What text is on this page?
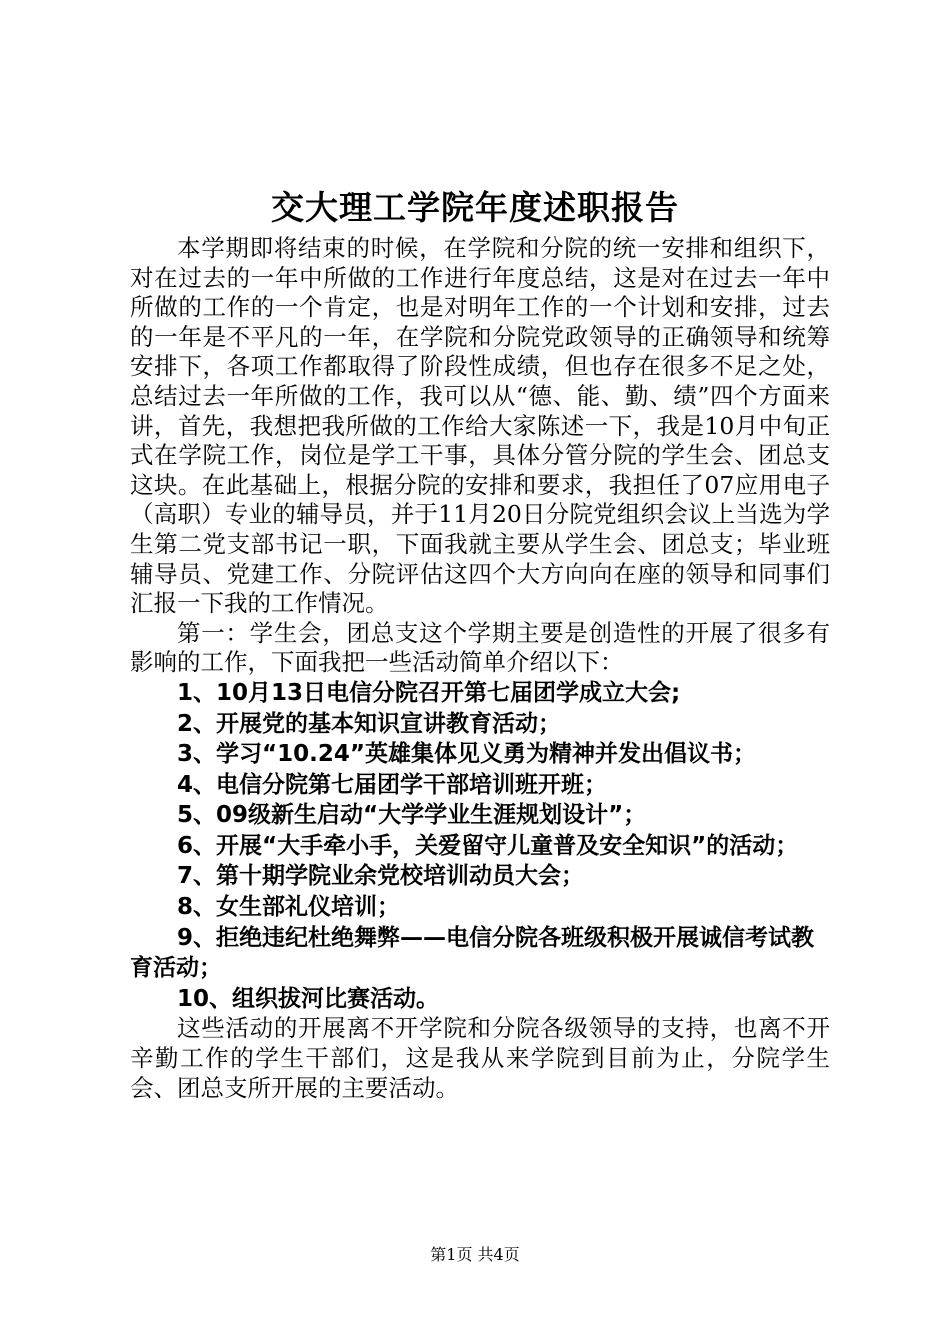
交大理工学院年度述职报告

本学期即将结束的时候，在学院和分院的统一安排和组织下，对在过去的一年中所做的工作进行年度总结，这是对在过去一年中所做的工作的一个肯定，也是对明年工作的一个计划和安排，过去的一年是不平凡的一年，在学院和分院党政领导的正确领导和统筹安排下，各项工作都取得了阶段性成绩，但也存在很多不足之处，总结过去一年所做的工作，我可以从“德、能、勤、绩”四个方面来讲，首先，我想把我所做的工作给大家陈述一下，我是10月中旬正式在学院工作，岗位是学工干事，具体分管分院的学生会、团总支这块。在此基础上，根据分院的安排和要求，我担任了07应用电子（高职）专业的辅导员，并于11月20日分院党组织会议上当选为学生第二党支部书记一职，下面我就主要从学生会、团总支；毕业班辅导员、党建工作、分院评估这四个大方向向在座的领导和同事们汇报一下我的工作情况。

第一：学生会，团总支这个学期主要是创造性的开展了很多有影响的工作，下面我把一些活动简单介绍以下：

1、10月13日电信分院召开第七届团学成立大会;

2、开展党的基本知识宣讲教育活动；

3、学习“10.24”英雄集体见义勇为精神并发出倡议书；

4、电信分院第七届团学干部培训班开班；

5、09级新生启动“大学学业生涯规划设计”；

6、开展“大手牵小手，关爱留守儿童普及安全知识”的活动；

7、第十期学院业余党校培训动员大会；

8、女生部礼仪培训；

9、拒绝违纪杜绝舞弊——电信分院各班级积极开展诚信考试教育活动；

10、组织拔河比赛活动。

这些活动的开展离不开学院和分院各级领导的支持，也离不开辛勤工作的学生干部们，这是我从来学院到目前为止，分院学生会、团总支所开展的主要活动。

第1页 共4页
